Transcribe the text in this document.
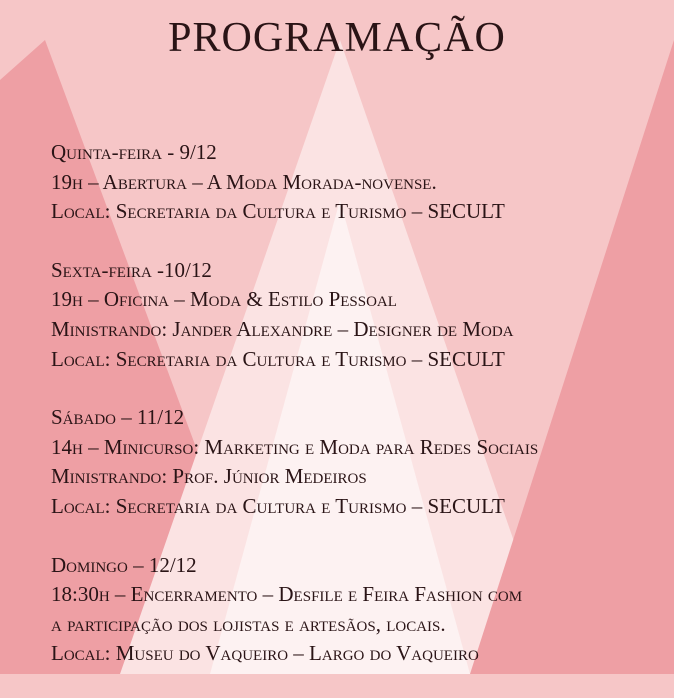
PROGRAMAÇÃO
Quinta-feira - 9/12
19h – Abertura – A Moda Morada-novense.
Local: Secretaria da Cultura e Turismo – SECULT
Sexta-feira -10/12
19h – Oficina – Moda & Estilo Pessoal
Ministrando: Jander Alexandre – Designer de Moda
Local: Secretaria da Cultura e Turismo – SECULT
Sábado – 11/12
14h – Minicurso: Marketing e Moda para Redes Sociais
Ministrando: Prof. Júnior Medeiros
Local: Secretaria da Cultura e Turismo – SECULT
Domingo – 12/12
18:30h – Encerramento – Desfile e Feira Fashion com
a participação dos lojistas e artesãos, locais.
Local: Museu do Vaqueiro – Largo do Vaqueiro
